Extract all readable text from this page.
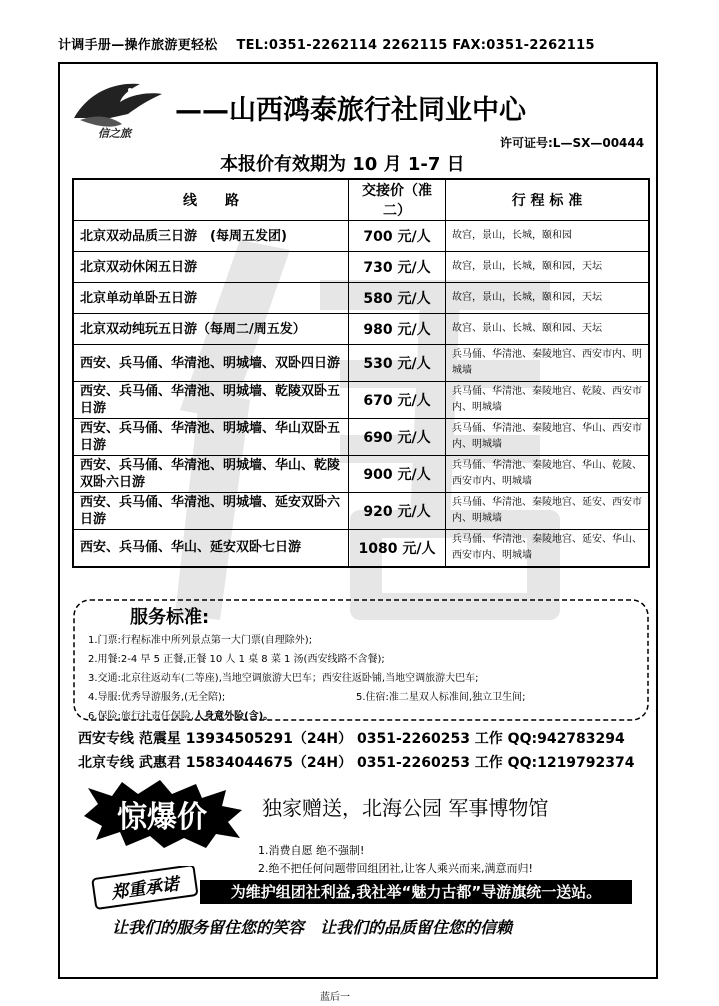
计调手册—操作旅游更轻松 TEL:0351-2262114 2262115 FAX:0351-2262115
信之旅
——山西鸿泰旅行社同业中心
许可证号:L—SX—00444
本报价有效期为 10 月 1-7 日
线　　路	交接价（准二）	行 程 标 准
北京双动品质三日游　(每周五发团)	700 元/人	故宫，景山，长城，颐和园
北京双动休闲五日游	730 元/人	故宫，景山，长城，颐和园，天坛
北京单动单卧五日游	580 元/人	故宫，景山，长城，颐和园，天坛
北京双动纯玩五日游（每周二/周五发）	980 元/人	故宫、景山、长城、颐和园、天坛
西安、兵马俑、华清池、明城墙、双卧四日游	530 元/人	兵马俑、华清池、秦陵地宫、西安市内、明城墙
西安、兵马俑、华清池、明城墙、乾陵双卧五日游	670 元/人	兵马俑、华清池、秦陵地宫、乾陵、西安市内、明城墙
西安、兵马俑、华清池、明城墙、华山双卧五日游	690 元/人	兵马俑、华清池、秦陵地宫、华山、西安市内、明城墙
西安、兵马俑、华清池、明城墙、华山、乾陵双卧六日游	900 元/人	兵马俑、华清池、秦陵地宫、华山、乾陵、西安市内、明城墙
西安、兵马俑、华清池、明城墙、延安双卧六日游	920 元/人	兵马俑、华清池、秦陵地宫、延安、西安市内、明城墙
西安、兵马俑、华山、延安双卧七日游	1080 元/人	兵马俑、华清池、秦陵地宫、延安、华山、西安市内、明城墙
服务标准:
1.门票:行程标准中所列景点第一大门票(自理除外);
2.用餐:2-4 早 5 正餐,正餐 10 人 1 桌 8 菜 1 汤(西安线路不含餐);
3.交通:北京往返动车(二等座),当地空调旅游大巴车；西安往返卧铺,当地空调旅游大巴车;
4.导服:优秀导游服务,(无全陪);	5.住宿:准二星双人标准间,独立卫生间;
6.保险:旅行社责任保险,人身意外险(含)。
西安专线 范震星 13934505291（24H） 0351-2260253 工作 QQ:942783294
北京专线 武惠君 15834044675（24H） 0351-2260253 工作 QQ:1219792374
惊爆价	独家赠送，北海公园 军事博物馆
1.消费自愿 绝不强制!
2.绝不把任何问题带回组团社,让客人乘兴而来,满意而归!
郑重承诺	为维护组团社利益,我社举“魅力古都”导游旗统一送站。
让我们的服务留住您的笑容　让我们的品质留住您的信赖
蓝后一
